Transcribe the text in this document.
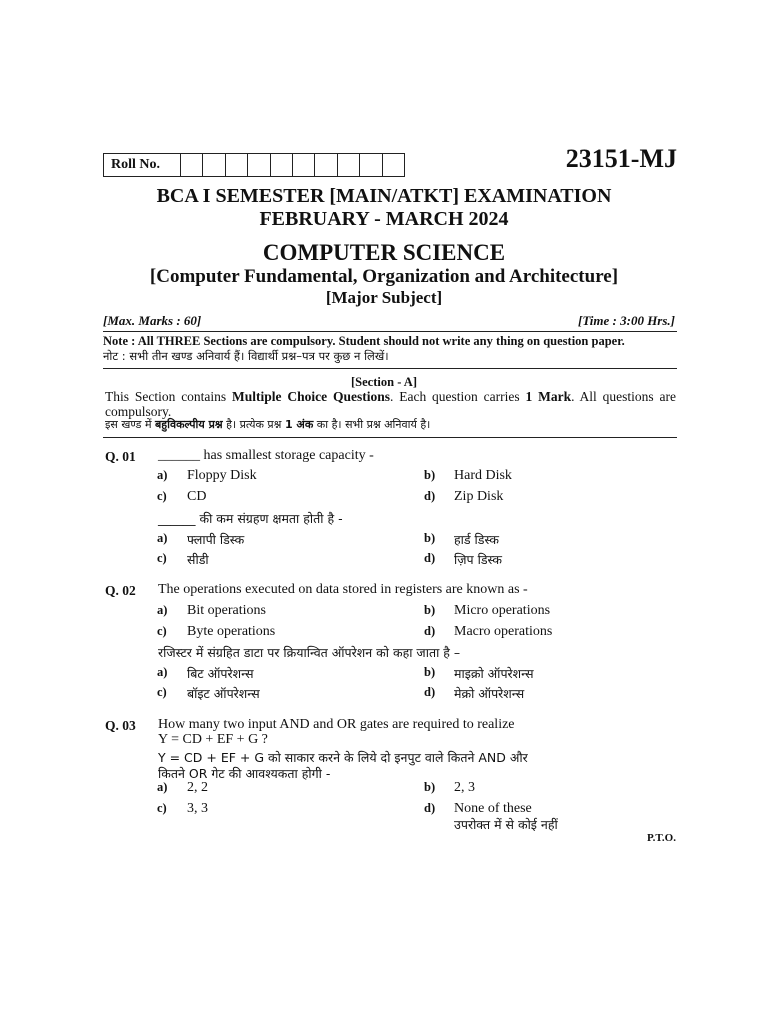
Roll No.	23151-MJ
BCA I SEMESTER [MAIN/ATKT] EXAMINATION
FEBRUARY - MARCH 2024
COMPUTER SCIENCE
[Computer Fundamental, Organization and Architecture]
[Major Subject]
[Max. Marks : 60]	[Time : 3:00 Hrs.]
Note : All THREE Sections are compulsory. Student should not write any thing on question paper.
नोट : सभी तीन खण्ड अनिवार्य हैं। विद्यार्थी प्रश्न–पत्र पर कुछ न लिखें।
[Section - A]
This Section contains Multiple Choice Questions. Each question carries 1 Mark. All questions are compulsory.
इस खण्ड में बहुविकल्पीय प्रश्न है। प्रत्येक प्रश्न 1 अंक का है। सभी प्रश्न अनिवार्य है।
Q. 01 ______ has smallest storage capacity -
a) Floppy Disk	b) Hard Disk
c) CD	d) Zip Disk
______ की कम संग्रहण क्षमता होती है -
a) फ्लापी डिस्क	b) हार्ड डिस्क
c) सीडी	d) ज़िप डिस्क
Q. 02 The operations executed on data stored in registers are known as -
a) Bit operations	b) Micro operations
c) Byte operations	d) Macro operations
रजिस्टर में संग्रहित डाटा पर क्रियान्वित ऑपरेशन को कहा जाता है –
a) बिट ऑपरेशन्स	b) माइक्रो ऑपरेशन्स
c) बॉइट ऑपरेशन्स	d) मेक्रो ऑपरेशन्स
Q. 03 How many two input AND and OR gates are required to realize
Y = CD + EF + G ?
Y = CD + EF + G को साकार करने के लिये दो इनपुट वाले कितने AND और
कितने OR गेट की आवश्यकता होगी -
a) 2, 2	b) 2, 3
c) 3, 3	d) None of these
उपरोक्त में से कोई नहीं
P.T.O.
